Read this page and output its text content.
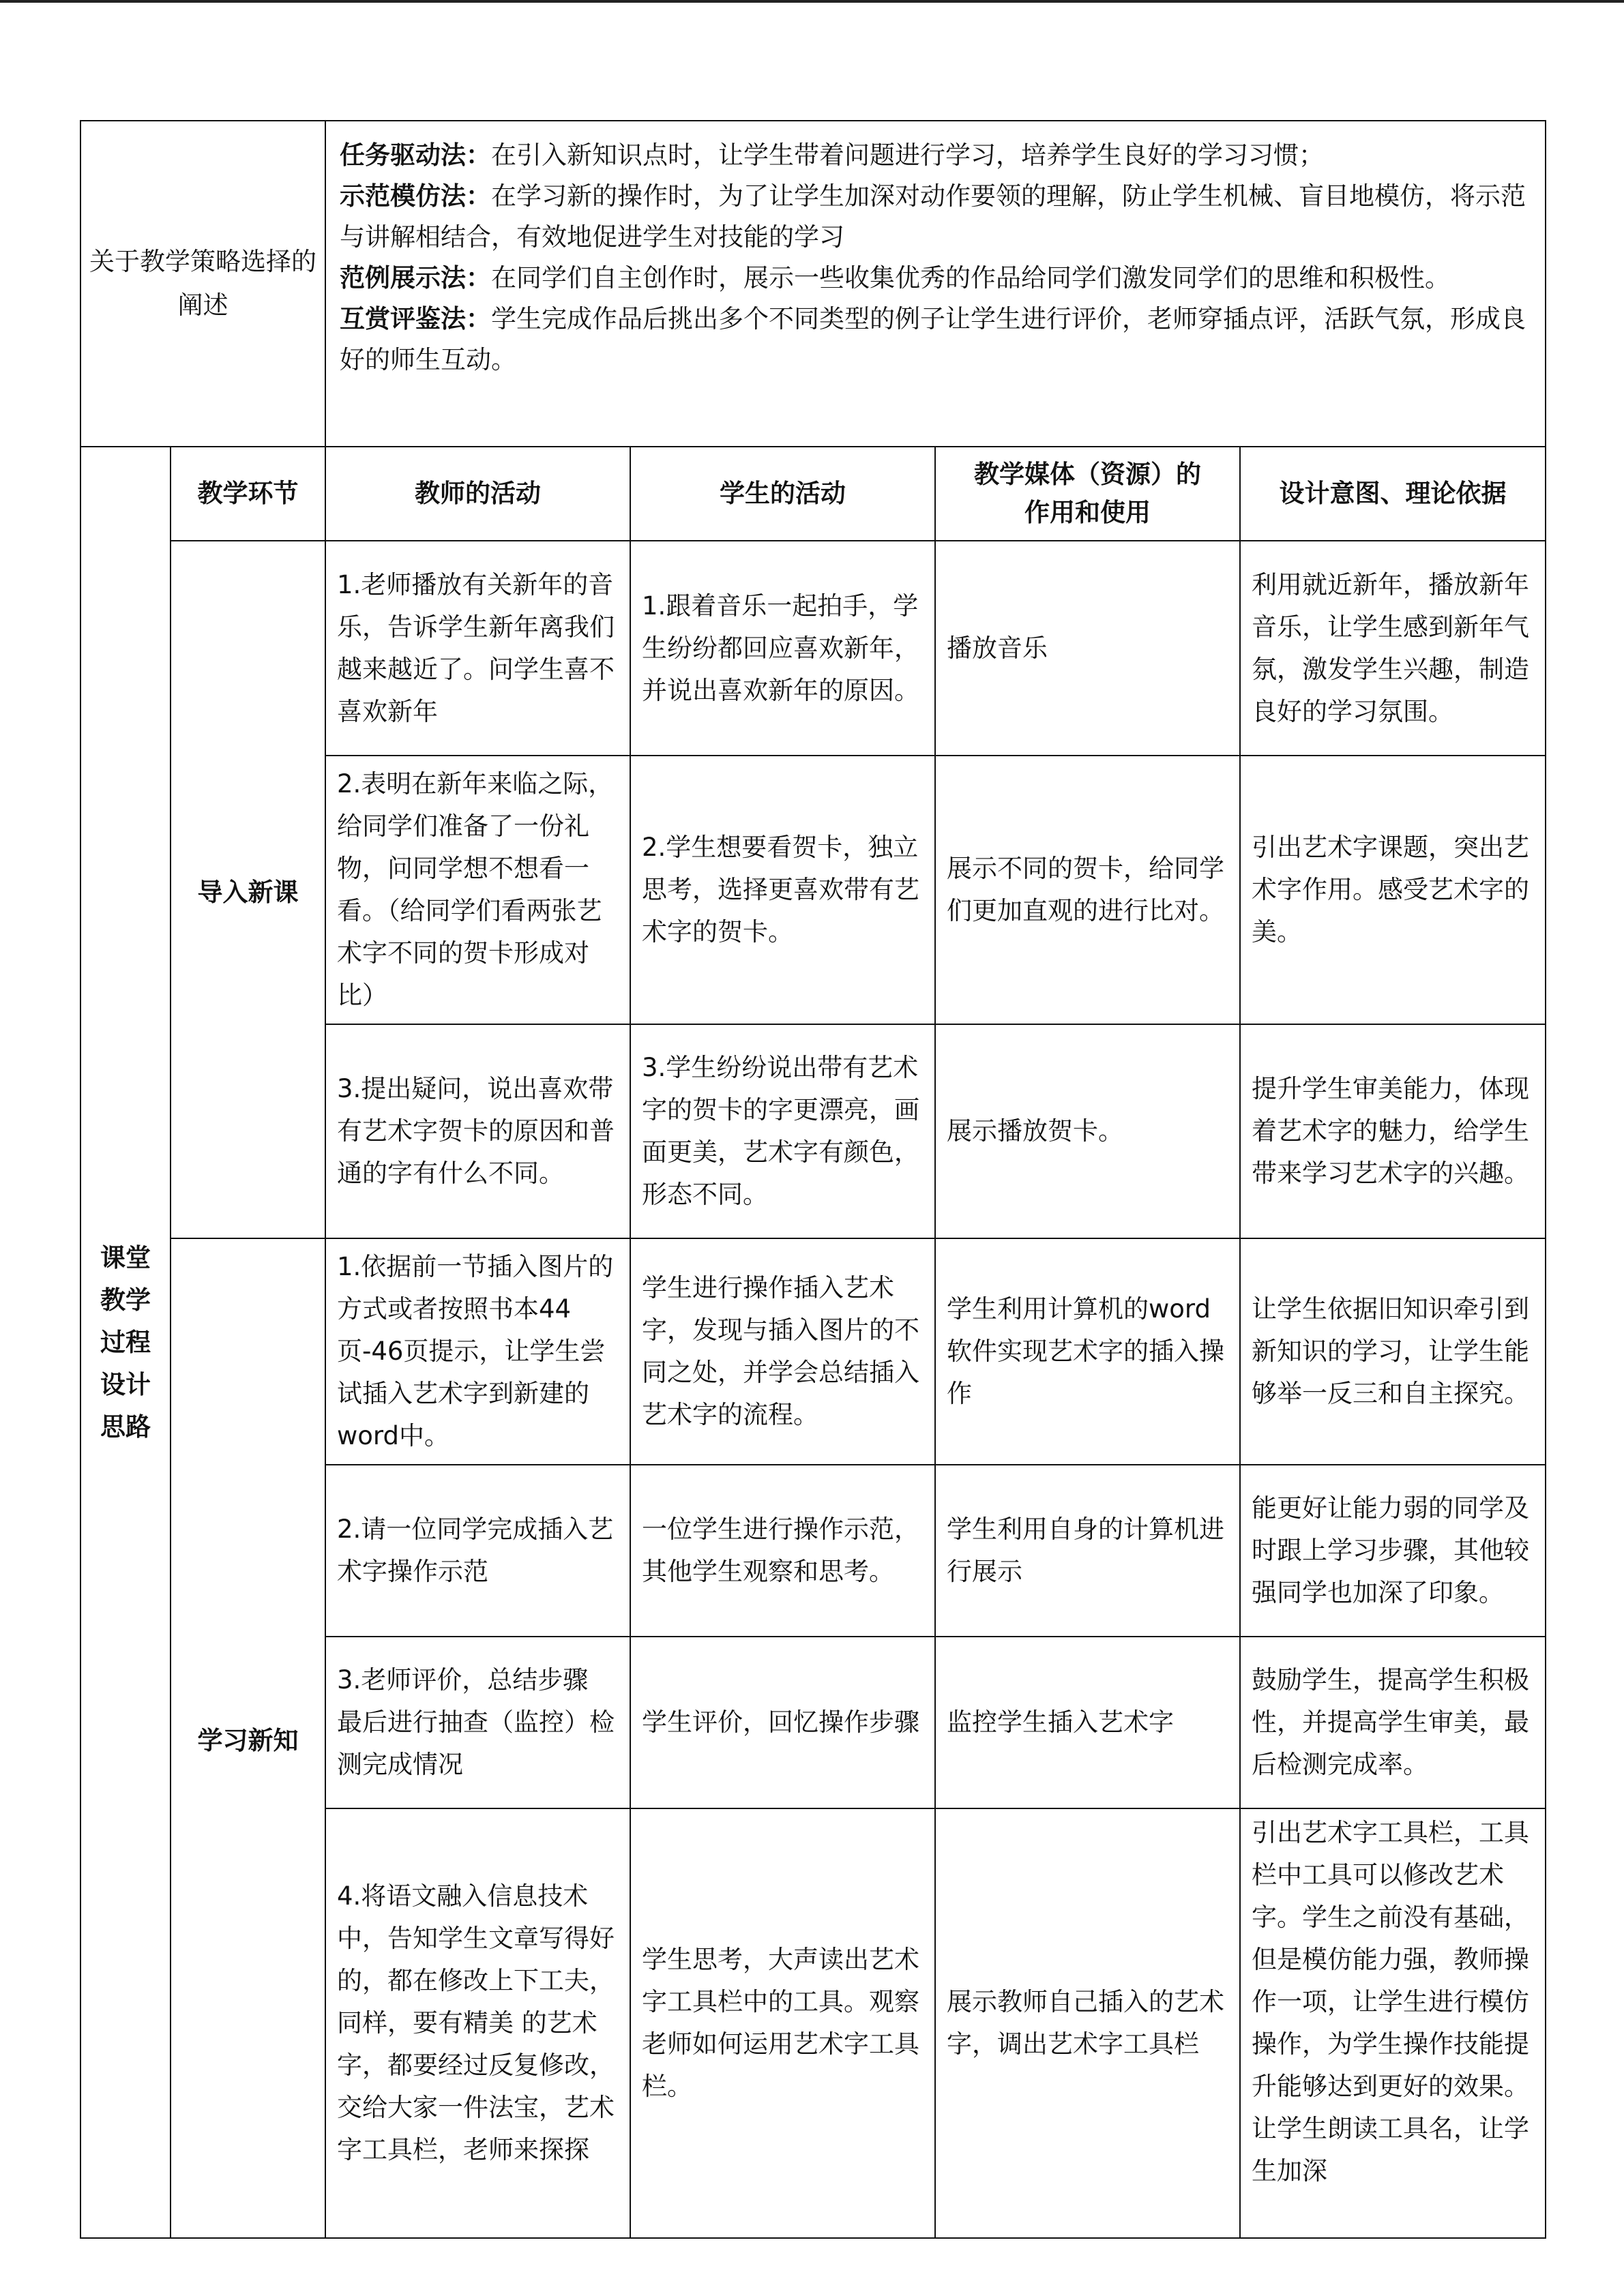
关于教学策略选择的阐述		任务驱动法：在引入新知识点时，让学生带着问题进行学习，培养学生良好的学习习惯；

示范模仿法：在学习新的操作时，为了让学生加深对动作要领的理解，防止学生机械、盲目地模仿，将示范与讲解相结合，有效地促进学生对技能的学习

范例展示法：在同学们自主创作时，展示一些收集优秀的作品给同学们激发同学们的思维和积极性。

互赏评鉴法：学生完成作品后挑出多个不同类型的例子让学生进行评价，老师穿插点评，活跃气氛，形成良好的师生互动。			

课堂
教学
过程
设计
思路	教学环节	教师的活动	学生的活动	教学媒体（资源）的
作用和使用	设计意图、理论依据
	导入新课	1.老师播放有关新年的音乐，告诉学生新年离我们越来越近了。问学生喜不喜欢新年	1.跟着音乐一起拍手，学生纷纷都回应喜欢新年，并说出喜欢新年的原因。	播放音乐	利用就近新年，播放新年音乐，让学生感到新年气氛，激发学生兴趣，制造良好的学习氛围。
		2.表明在新年来临之际，给同学们准备了一份礼物，问同学想不想看一看。（给同学们看两张艺术字不同的贺卡形成对比）	2.学生想要看贺卡，独立思考，选择更喜欢带有艺术字的贺卡。	展示不同的贺卡，给同学们更加直观的进行比对。	引出艺术字课题，突出艺术字作用。感受艺术字的美。
		3.提出疑问，说出喜欢带有艺术字贺卡的原因和普通的字有什么不同。	3.学生纷纷说出带有艺术字的贺卡的字更漂亮，画面更美，艺术字有颜色，形态不同。	展示播放贺卡。	提升学生审美能力，体现着艺术字的魅力，给学生带来学习艺术字的兴趣。
	学习新知	1.依据前一节插入图片的方式或者按照书本44页-46页提示，让学生尝试插入艺术字到新建的word中。	学生进行操作插入艺术字，发现与插入图片的不同之处，并学会总结插入艺术字的流程。	学生利用计算机的word软件实现艺术字的插入操作	让学生依据旧知识牵引到新知识的学习，让学生能够举一反三和自主探究。
		2.请一位同学完成插入艺术字操作示范	一位学生进行操作示范，其他学生观察和思考。	学生利用自身的计算机进行展示	能更好让能力弱的同学及时跟上学习步骤，其他较强同学也加深了印象。
		3.老师评价，总结步骤
最后进行抽查（监控）检测完成情况	学生评价，回忆操作步骤	监控学生插入艺术字	鼓励学生，提高学生积极性，并提高学生审美，最后检测完成率。
		4.将语文融入信息技术中，告知学生文章写得好的，都在修改上下工夫，同样，要有精美 的艺术字，都要经过反复修改，交给大家一件法宝，艺术字工具栏，老师来探探	学生思考，大声读出艺术字工具栏中的工具。观察老师如何运用艺术字工具栏。	展示教师自己插入的艺术字，调出艺术字工具栏	引出艺术字工具栏，工具栏中工具可以修改艺术字。学生之前没有基础，但是模仿能力强，教师操作一项，让学生进行模仿操作，为学生操作技能提升能够达到更好的效果。让学生朗读工具名，让学生加深
